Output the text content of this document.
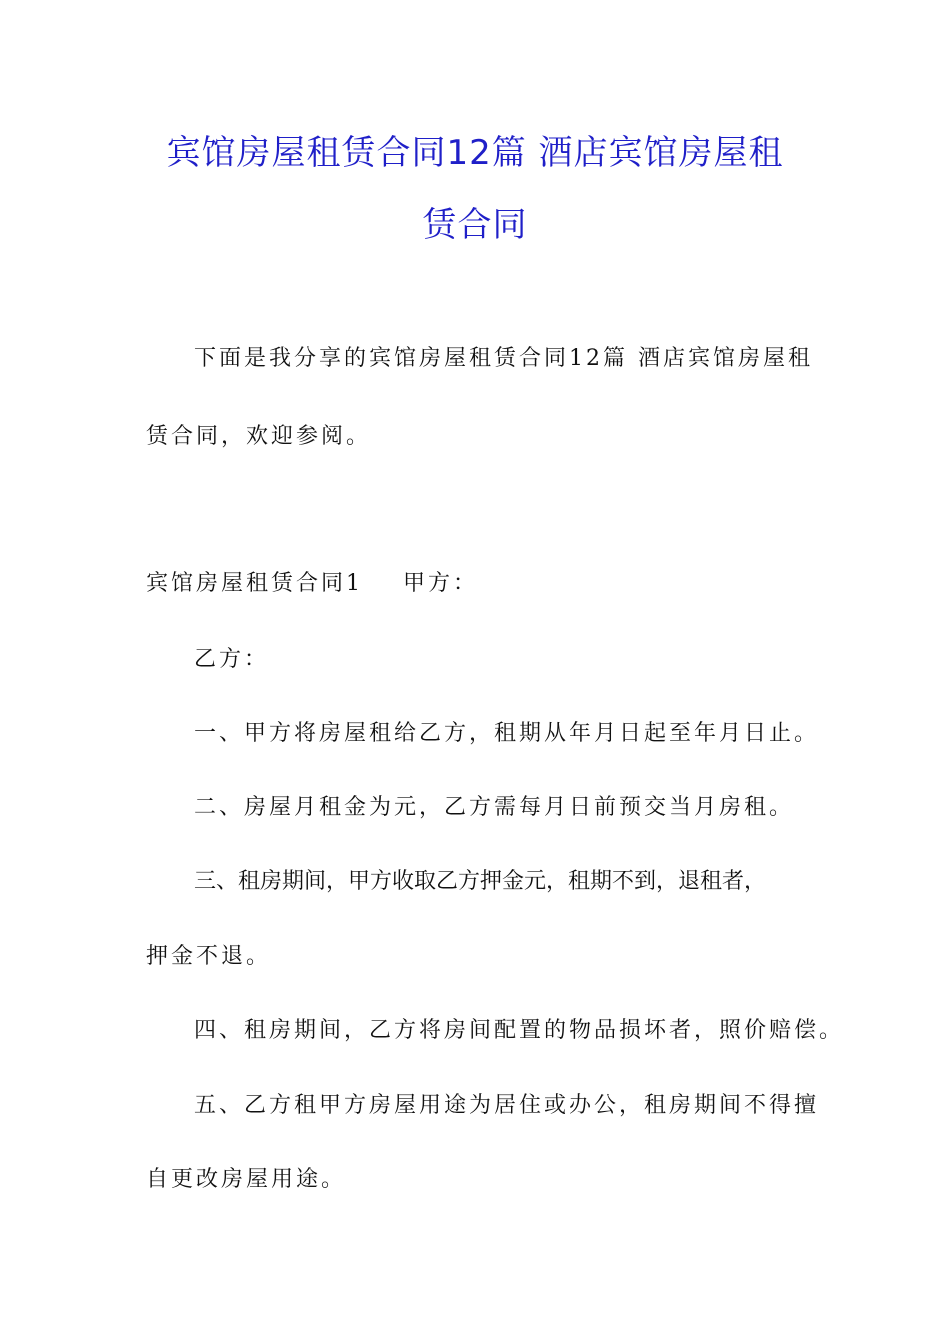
宾馆房屋租赁合同12篇 酒店宾馆房屋租
赁合同
下面是我分享的宾馆房屋租赁合同12篇 酒店宾馆房屋租
赁合同，欢迎参阅。
宾馆房屋租赁合同1 甲方：
乙方：
一、甲方将房屋租给乙方，租期从年月日起至年月日止。
二、房屋月租金为元，乙方需每月日前预交当月房租。
三、租房期间，甲方收取乙方押金元，租期不到，退租者，
押金不退。
四、租房期间，乙方将房间配置的物品损坏者，照价赔偿。
五、乙方租甲方房屋用途为居住或办公，租房期间不得擅
自更改房屋用途。
